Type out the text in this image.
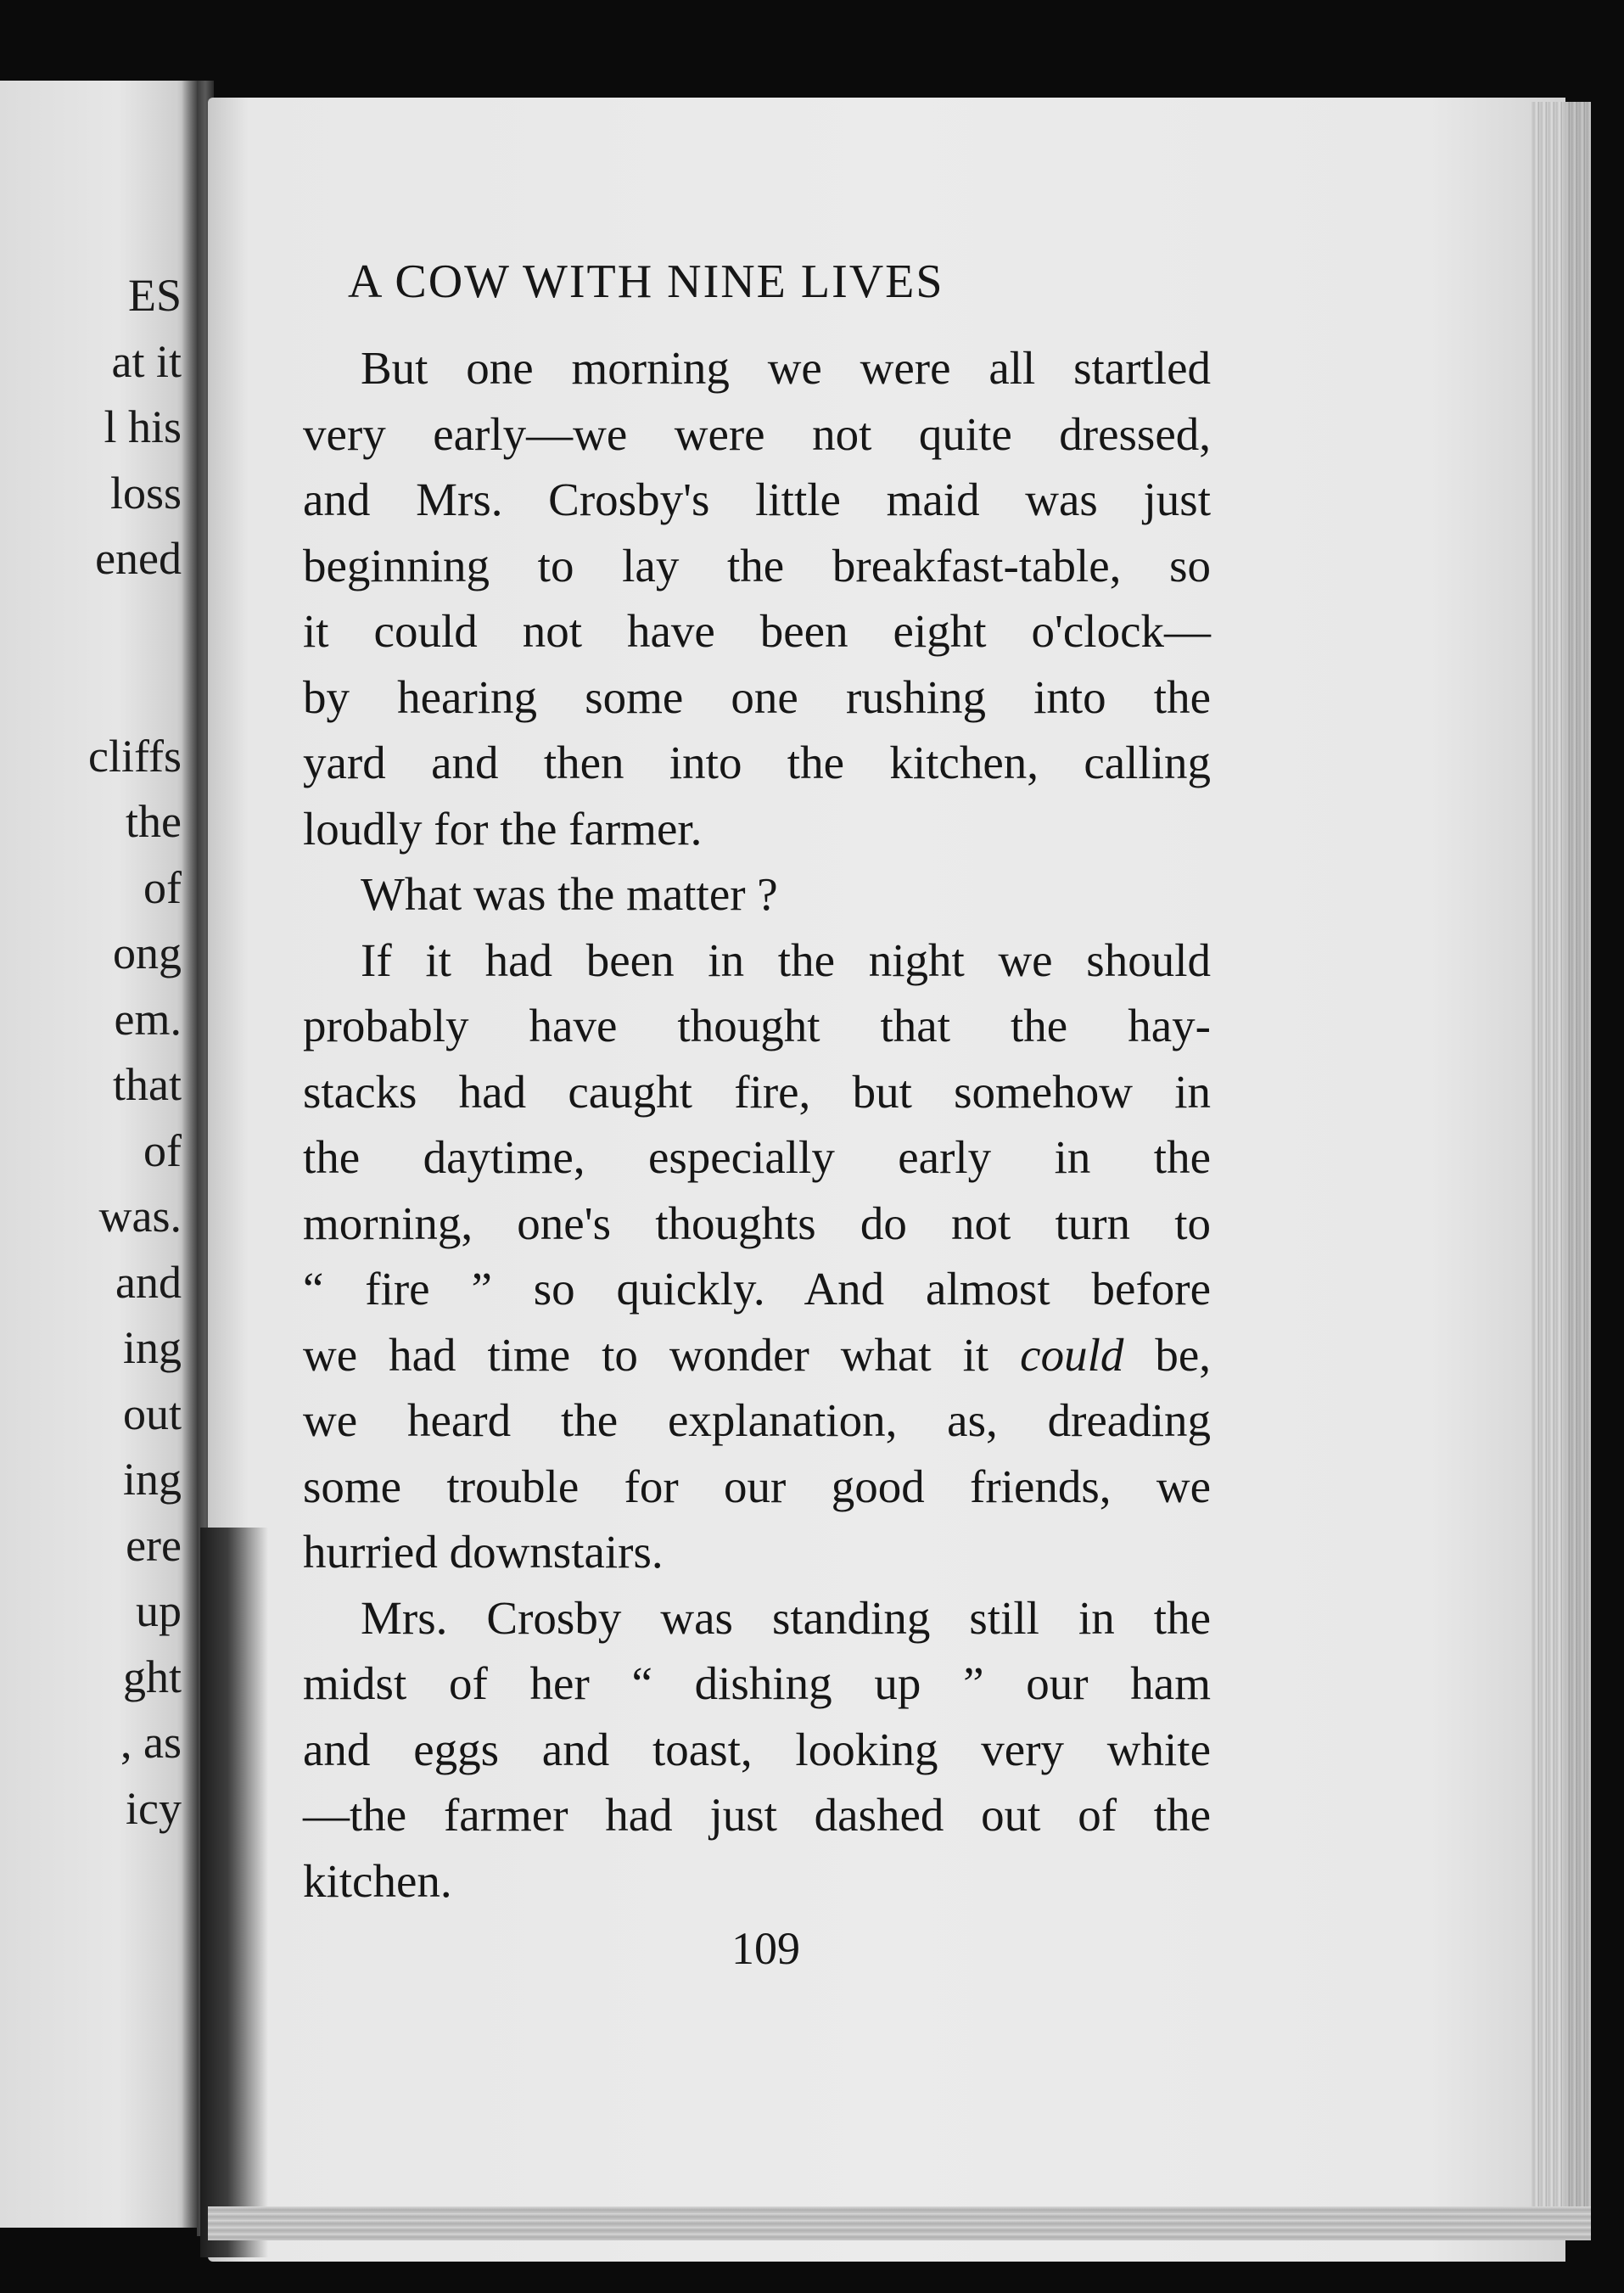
ES
at it
l his
loss
ened
cliffs
the
of
ong
em.
that
of
was.
and
ing
out
ing
ere
up
ght
, as
icy
A COW WITH NINE LIVES
But one morning we were all startled
very early—we were not quite dressed,
and Mrs. Crosby's little maid was just
beginning to lay the breakfast-table, so
it could not have been eight o'clock—
by hearing some one rushing into the
yard and then into the kitchen, calling
loudly for the farmer.
What was the matter ?
If it had been in the night we should
probably have thought that the hay-
stacks had caught fire, but somehow in
the daytime, especially early in the
morning, one's thoughts do not turn to
“ fire ” so quickly. And almost before
we had time to wonder what it could be,
we heard the explanation, as, dreading
some trouble for our good friends, we
hurried downstairs.
Mrs. Crosby was standing still in the
midst of her “ dishing up ” our ham
and eggs and toast, looking very white
—the farmer had just dashed out of the
kitchen.
109
